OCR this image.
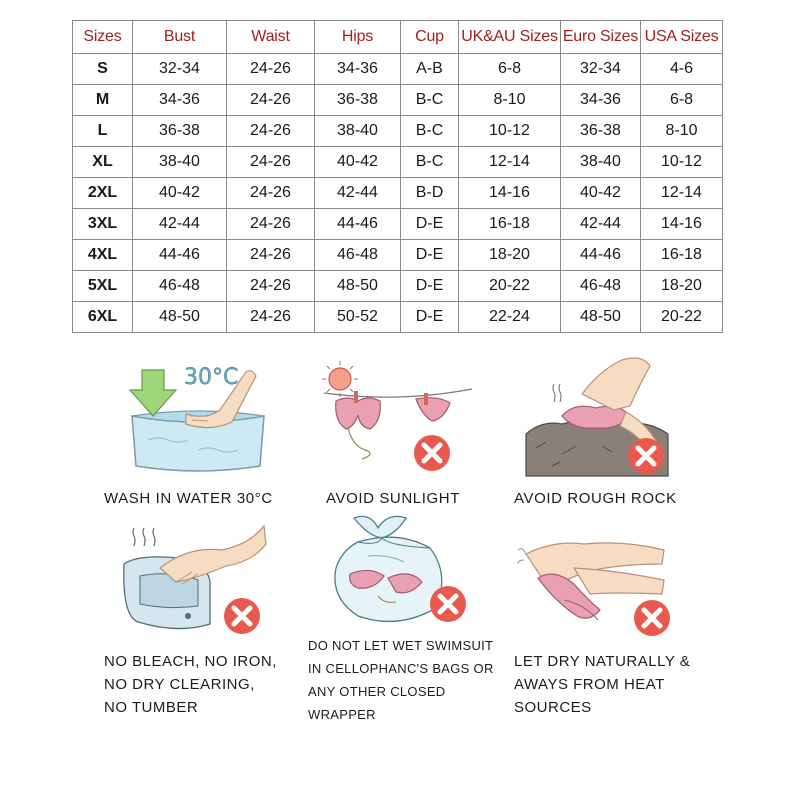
Sizes	Bust	Waist	Hips	Cup	UK&AU Sizes	Euro Sizes	USA Sizes
S	32-34	24-26	34-36	A-B	6-8	32-34	4-6
M	34-36	24-26	36-38	B-C	8-10	34-36	6-8
L	36-38	24-26	38-40	B-C	10-12	36-38	8-10
XL	38-40	24-26	40-42	B-C	12-14	38-40	10-12
2XL	40-42	24-26	42-44	B-D	14-16	40-42	12-14
3XL	42-44	24-26	44-46	D-E	16-18	42-44	14-16
4XL	44-46	24-26	46-48	D-E	18-20	44-46	16-18
5XL	46-48	24-26	48-50	D-E	20-22	46-48	18-20
6XL	48-50	24-26	50-52	D-E	22-24	48-50	20-22
30°C
WASH IN WATER 30°C	AVOID SUNLIGHT	AVOID ROUGH ROCK
NO BLEACH, NO IRON,
NO DRY CLEARING,
NO TUMBER
DO NOT LET WET SWIMSUIT
IN CELLOPHANC'S BAGS OR
ANY OTHER CLOSED
WRAPPER
LET DRY NATURALLY &
AWAYS FROM HEAT
SOURCES
